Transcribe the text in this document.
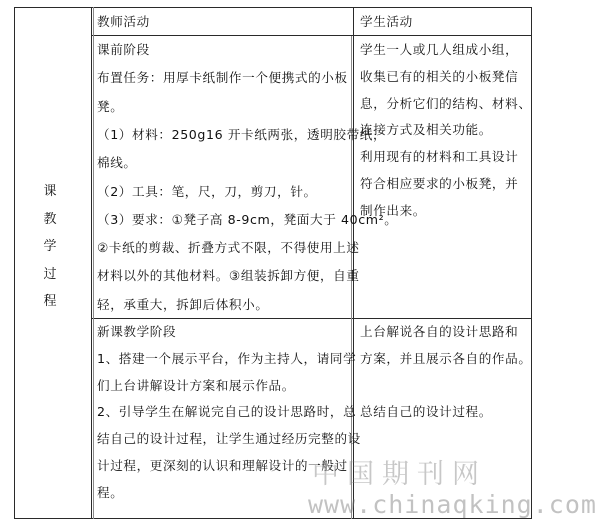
课
教
学
过
程

教师活动	学生活动

课前阶段

布置任务：用厚卡纸制作一个便携式的小板

凳。

（1）材料：250g16 开卡纸两张，透明胶带纸，

棉线。

（2）工具：笔，尺，刀，剪刀，针。

（3）要求：①凳子高 8-9cm，凳面大于 40cm²。

②卡纸的剪裁、折叠方式不限，不得使用上述

材料以外的其他材料。③组装拆卸方便，自重

轻，承重大，拆卸后体积小。

学生一人或几人组成小组，

收集已有的相关的小板凳信

息，分析它们的结构、材料、

连接方式及相关功能。

利用现有的材料和工具设计

符合相应要求的小板凳，并

制作出来。

新课教学阶段

1、搭建一个展示平台，作为主持人，请同学

们上台讲解设计方案和展示作品。

2、引导学生在解说完自己的设计思路时，总

结自己的设计过程，让学生通过经历完整的设

计过程，更深刻的认识和理解设计的一般过

程。

上台解说各自的设计思路和

方案，并且展示各自的作品。

总结自己的设计过程。

中国期刊网
www.chinaqking.com
